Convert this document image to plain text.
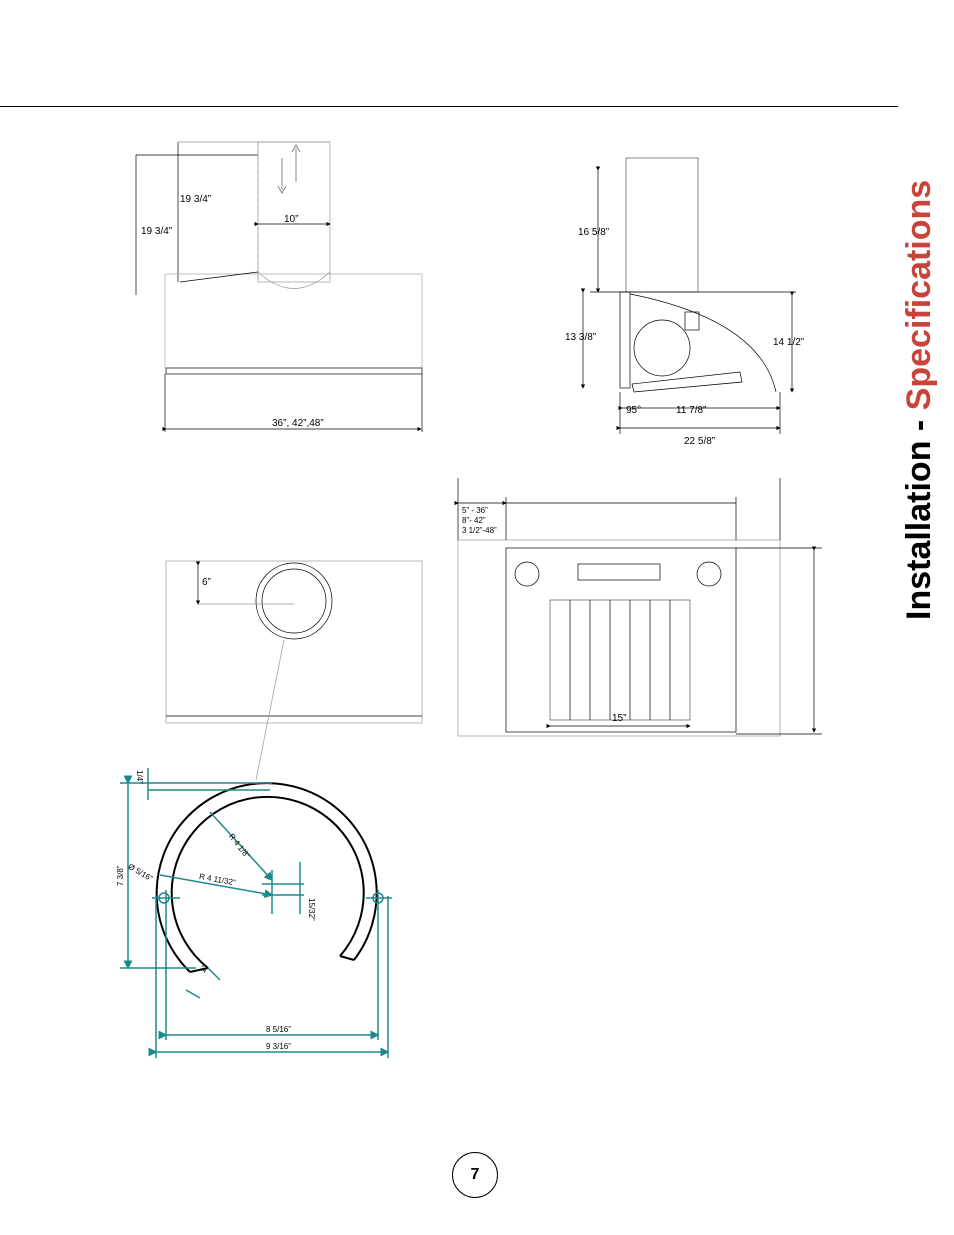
Installation - Specifications
19 3/4”
19 3/4”
10”
36”, 42”,48”
16 5/8”
13 3/8”	14 1/2”
95°	11 7/8”
22 5/8”
6”
5” - 36”
8”- 42”
3 1/2”-48”
15”
1/4”
7 3/8” Ø 5/16”
R 4 1/8”
R 4 11/32”
15/32”
1”
8 5/16”
9 3/16”
7
